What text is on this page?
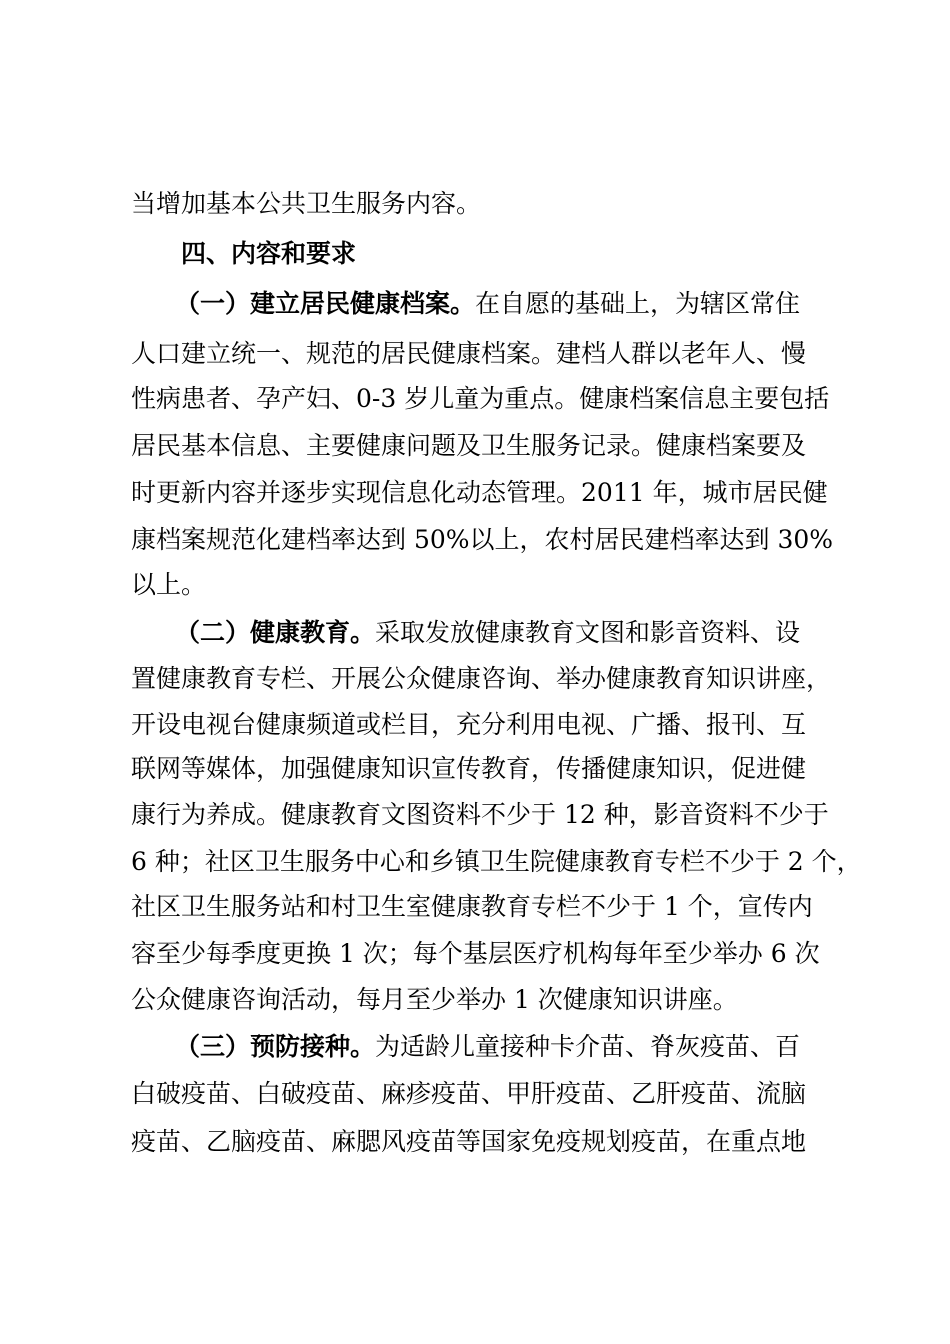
当增加基本公共卫生服务内容。
四、内容和要求
（一）建立居民健康档案。在自愿的基础上，为辖区常住
人口建立统一、规范的居民健康档案。建档人群以老年人、慢
性病患者、孕产妇、0-3 岁儿童为重点。健康档案信息主要包括
居民基本信息、主要健康问题及卫生服务记录。健康档案要及
时更新内容并逐步实现信息化动态管理。2011 年，城市居民健
康档案规范化建档率达到 50%以上，农村居民建档率达到 30%
以上。
（二）健康教育。采取发放健康教育文图和影音资料、设
置健康教育专栏、开展公众健康咨询、举办健康教育知识讲座，
开设电视台健康频道或栏目，充分利用电视、广播、报刊、互
联网等媒体，加强健康知识宣传教育，传播健康知识，促进健
康行为养成。健康教育文图资料不少于 12 种，影音资料不少于
6 种；社区卫生服务中心和乡镇卫生院健康教育专栏不少于 2 个，
社区卫生服务站和村卫生室健康教育专栏不少于 1 个，宣传内
容至少每季度更换 1 次；每个基层医疗机构每年至少举办 6 次
公众健康咨询活动，每月至少举办 1 次健康知识讲座。
（三）预防接种。为适龄儿童接种卡介苗、脊灰疫苗、百
白破疫苗、白破疫苗、麻疹疫苗、甲肝疫苗、乙肝疫苗、流脑
疫苗、乙脑疫苗、麻腮风疫苗等国家免疫规划疫苗，在重点地
